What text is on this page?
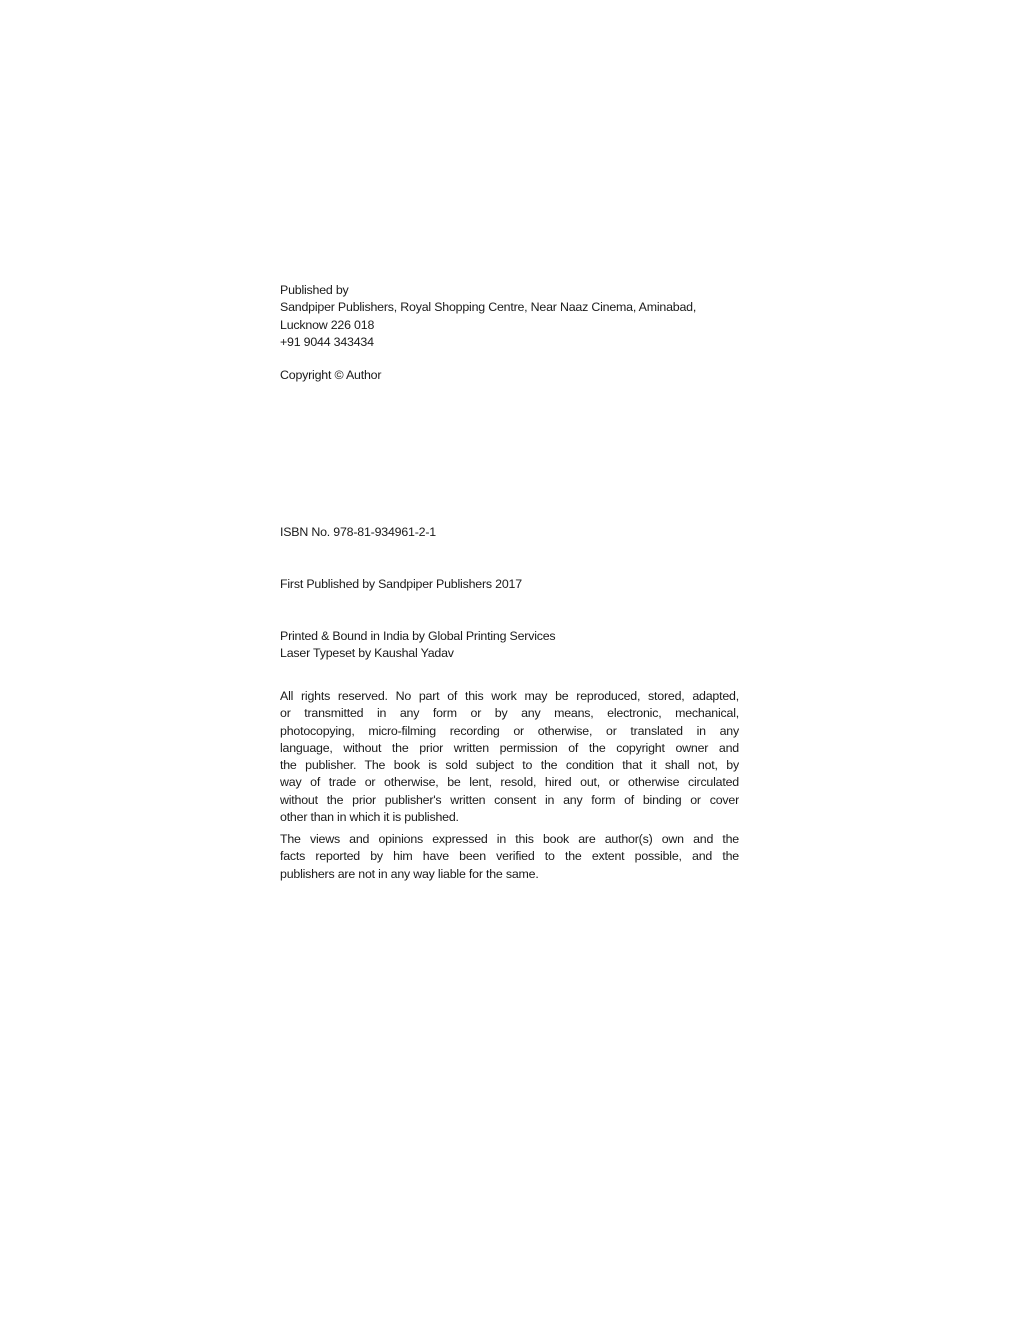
Published by
Sandpiper Publishers, Royal Shopping Centre, Near Naaz Cinema, Aminabad,
Lucknow 226 018
+91 9044 343434
Copyright © Author
ISBN No. 978-81-934961-2-1
First Published by Sandpiper Publishers 2017
Printed & Bound in India by Global Printing Services
Laser Typeset by Kaushal Yadav
All rights reserved. No part of this work may be reproduced, stored, adapted,
or transmitted in any form or by any means, electronic, mechanical,
photocopying, micro-filming recording or otherwise, or translated in any
language, without the prior written permission of the copyright owner and
the publisher. The book is sold subject to the condition that it shall not, by
way of trade or otherwise, be lent, resold, hired out, or otherwise circulated
without the prior publisher's written consent in any form of binding or cover
other than in which it is published.
The views and opinions expressed in this book are author(s) own and the
facts reported by him have been verified to the extent possible, and the
publishers are not in any way liable for the same.
